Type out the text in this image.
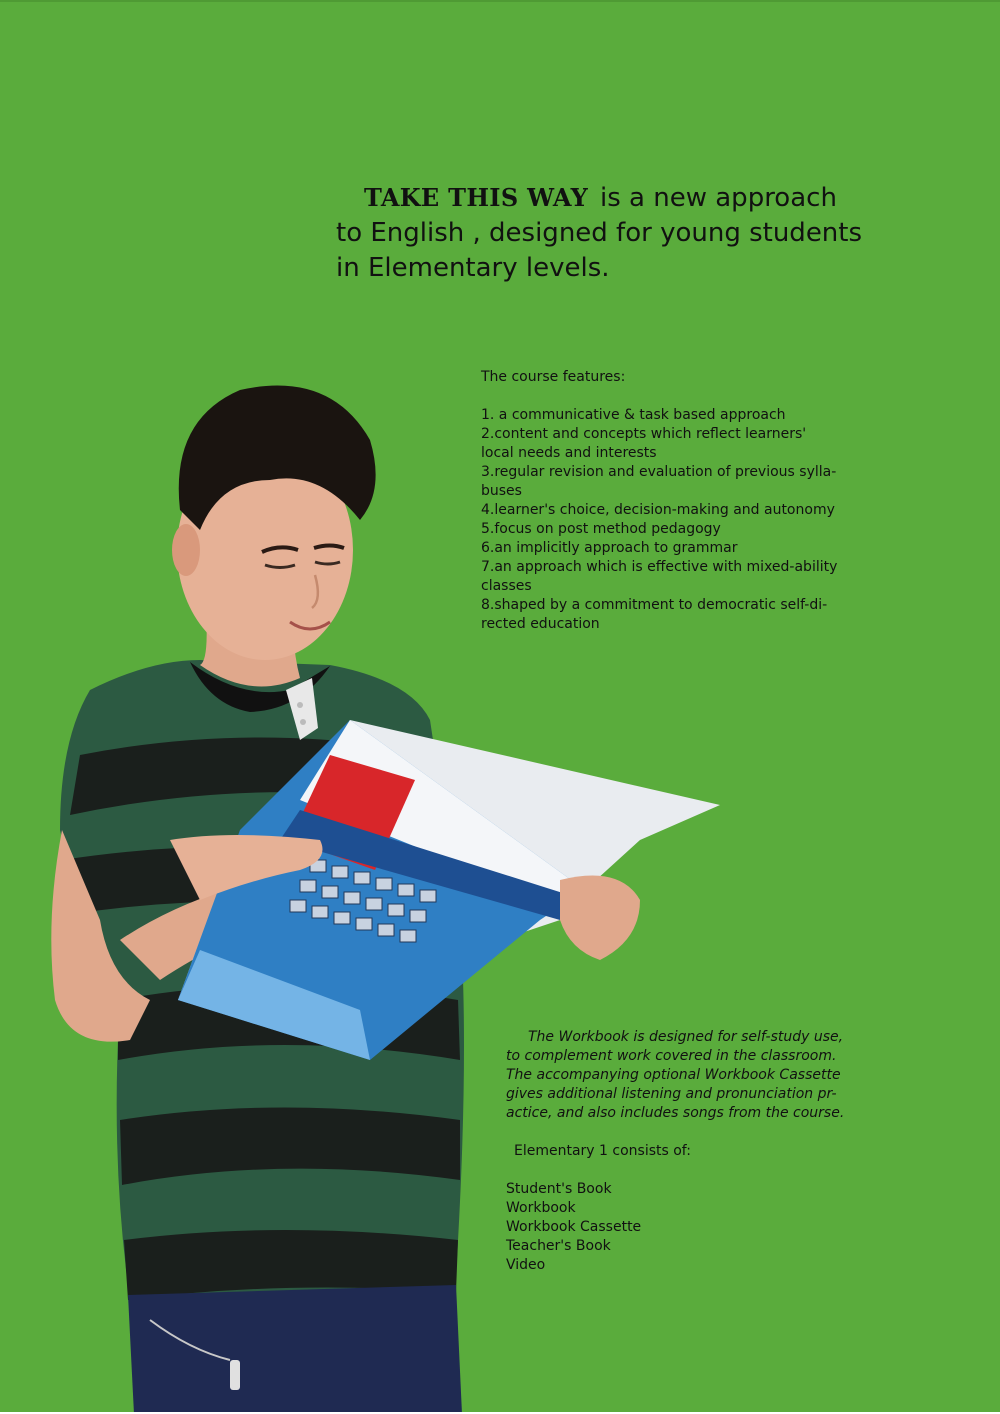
TAKE THIS WAY is a new approach
to English , designed for young students
in Elementary levels.

The course features:

1. a communicative & task based approach
2.content and concepts which reflect learners'
local needs and interests
3.regular revision and evaluation of previous sylla-
buses
4.learner's choice, decision-making and autonomy
5.focus on post method pedagogy
6.an implicitly approach to grammar
7.an approach which is effective with mixed-ability
classes
8.shaped by a commitment to democratic self-di-
rected education
The Workbook is designed for self-study use,
to complement work covered in the classroom.
The accompanying optional Workbook Cassette
gives additional listening and pronunciation pr-
actice, and also includes songs from the course.

Elementary 1 consists of:

Student's Book
Workbook
Workbook Cassette
Teacher's Book
Video
